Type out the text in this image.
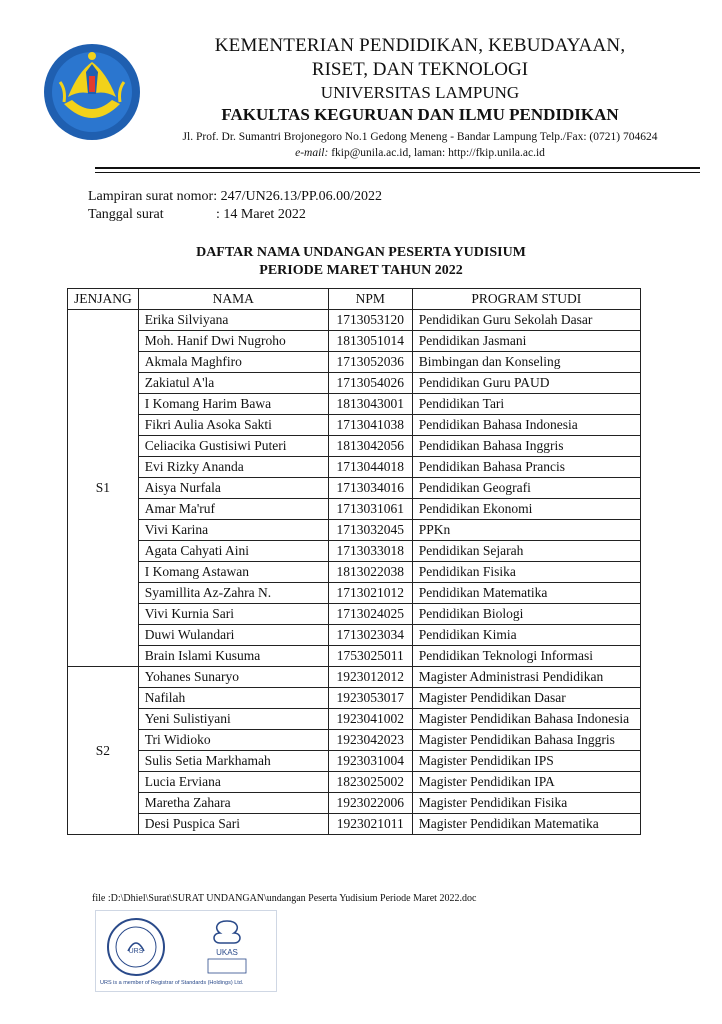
KEMENTERIAN PENDIDIKAN, KEBUDAYAAN,
RISET, DAN TEKNOLOGI
UNIVERSITAS LAMPUNG
FAKULTAS KEGURUAN DAN ILMU PENDIDIKAN
Jl. Prof. Dr. Sumantri Brojonegoro No.1 Gedong Meneng - Bandar Lampung Telp./Fax: (0721) 704624
e-mail: fkip@unila.ac.id, laman: http://fkip.unila.ac.id
Lampiran surat nomor : 247/UN26.13/PP.06.00/2022
Tanggal surat	: 14 Maret 2022
DAFTAR NAMA UNDANGAN PESERTA YUDISIUM
PERIODE MARET TAHUN 2022
JENJANG	NAMA	NPM	PROGRAM STUDI
S1	Erika Silviyana	1713053120	Pendidikan Guru Sekolah Dasar
	Moh. Hanif Dwi Nugroho	1813051014	Pendidikan Jasmani
	Akmala Maghfiro	1713052036	Bimbingan dan Konseling
	Zakiatul A'la	1713054026	Pendidikan Guru PAUD
	I Komang Harim Bawa	1813043001	Pendidikan Tari
	Fikri Aulia Asoka Sakti	1713041038	Pendidikan Bahasa Indonesia
	Celiacika Gustisiwi Puteri	1813042056	Pendidikan Bahasa Inggris
	Evi Rizky Ananda	1713044018	Pendidikan Bahasa Prancis
	Aisya Nurfala	1713034016	Pendidikan Geografi
	Amar Ma'ruf	1713031061	Pendidikan Ekonomi
	Vivi Karina	1713032045	PPKn
	Agata Cahyati Aini	1713033018	Pendidikan Sejarah
	I Komang Astawan	1813022038	Pendidikan Fisika
	Syamillita Az-Zahra N.	1713021012	Pendidikan Matematika
	Vivi Kurnia Sari	1713024025	Pendidikan Biologi
	Duwi Wulandari	1713023034	Pendidikan Kimia
	Brain Islami Kusuma	1753025011	Pendidikan Teknologi Informasi
S2	Yohanes Sunaryo	1923012012	Magister Administrasi Pendidikan
	Nafilah	1923053017	Magister Pendidikan Dasar
	Yeni Sulistiyani	1923041002	Magister Pendidikan Bahasa Indonesia
	Tri Widioko	1923042023	Magister Pendidikan Bahasa Inggris
	Sulis Setia Markhamah	1923031004	Magister Pendidikan IPS
	Lucia Erviana	1823025002	Magister Pendidikan IPA
	Maretha Zahara	1923022006	Magister Pendidikan Fisika
	Desi Puspica Sari	1923021011	Magister Pendidikan Matematika
file :D:\Dhiel\Surat\SURAT UNDANGAN\undangan Peserta Yudisium Periode Maret 2022.doc
URS	UKAS
URS is a member of Registrar of Standards (Holdings) Ltd.
